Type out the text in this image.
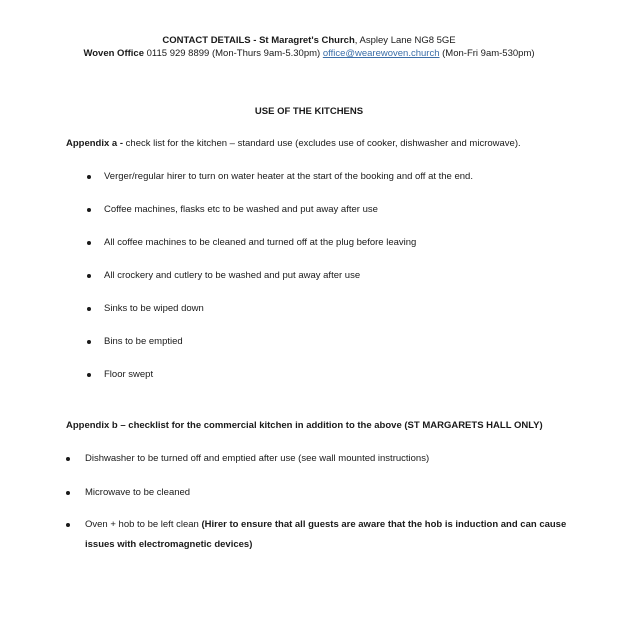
CONTACT DETAILS - St Maragret's Church, Aspley Lane NG8 5GE
Woven Office 0115 929 8899 (Mon-Thurs 9am-5.30pm) office@wearewoven.church (Mon-Fri 9am-530pm)
USE OF THE KITCHENS
Appendix a - check list for the kitchen – standard use (excludes use of cooker, dishwasher and microwave).
Verger/regular hirer to turn on water heater at the start of the booking and off at the end.
Coffee machines, flasks etc to be washed and put away after use
All coffee machines to be cleaned and turned off at the plug before leaving
All crockery and cutlery to be washed and put away after use
Sinks to be wiped down
Bins to be emptied
Floor swept
Appendix b – checklist for the commercial kitchen in addition to the above (ST MARGARETS HALL ONLY)
Dishwasher to be turned off and emptied after use (see wall mounted instructions)
Microwave to be cleaned
Oven + hob to be left clean (Hirer to ensure that all guests are aware that the hob is induction and can cause
issues with electromagnetic devices)
